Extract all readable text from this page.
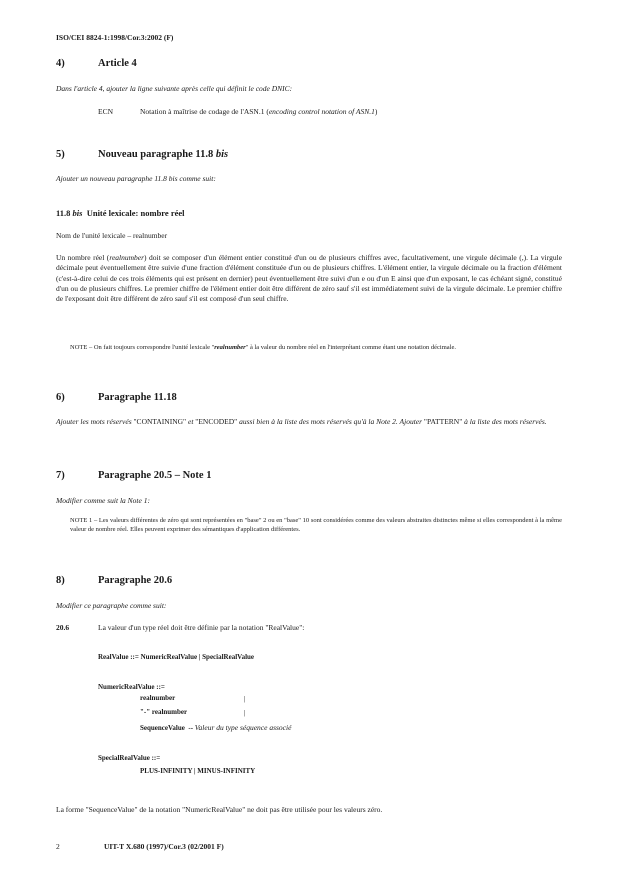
ISO/CEI 8824-1:1998/Cor.3:2002 (F)
4)	Article 4
Dans l'article 4, ajouter la ligne suivante après celle qui définit le code DNIC:
ECN	Notation à maîtrise de codage de l'ASN.1 (encoding control notation of ASN.1)
5)	Nouveau paragraphe 11.8 bis
Ajouter un nouveau paragraphe 11.8 bis comme suit:
11.8 bis Unité lexicale: nombre réel
Nom de l'unité lexicale – realnumber
Un nombre réel (realnumber) doit se composer d'un élément entier constitué d'un ou de plusieurs chiffres avec, facultativement, une virgule décimale (,). La virgule décimale peut éventuellement être suivie d'une fraction d'élément constituée d'un ou de plusieurs chiffres. L'élément entier, la virgule décimale ou la fraction d'élément (c'est-à-dire celui de ces trois éléments qui est présent en dernier) peut éventuellement être suivi d'un e ou d'un E ainsi que d'un exposant, le cas échéant signé, constitué d'un ou de plusieurs chiffres. Le premier chiffre de l'élément entier doit être différent de zéro sauf s'il est immédiatement suivi de la virgule décimale. Le premier chiffre de l'exposant doit être différent de zéro sauf s'il est composé d'un seul chiffre.
NOTE – On fait toujours correspondre l'unité lexicale "realnumber" à la valeur du nombre réel en l'interprétant comme étant une notation décimale.
6)	Paragraphe 11.18
Ajouter les mots réservés "CONTAINING" et "ENCODED" aussi bien à la liste des mots réservés qu'à la Note 2. Ajouter "PATTERN" à la liste des mots réservés.
7)	Paragraphe 20.5 – Note 1
Modifier comme suit la Note 1:
NOTE 1 – Les valeurs différentes de zéro qui sont représentées en "base" 2 ou en "base" 10 sont considérées comme des valeurs abstraites distinctes même si elles correspondent à la même valeur de nombre réel. Elles peuvent exprimer des sémantiques d'application différentes.
8)	Paragraphe 20.6
Modifier ce paragraphe comme suit:
20.6	La valeur d'un type réel doit être définie par la notation "RealValue":
RealValue ::= NumericRealValue | SpecialRealValue
NumericRealValue ::=
realnumber	|
"-" realnumber	|
SequenceValue -- Valeur du type séquence associé
SpecialRealValue ::=
PLUS-INFINITY | MINUS-INFINITY
La forme "SequenceValue" de la notation "NumericRealValue" ne doit pas être utilisée pour les valeurs zéro.
2	UIT-T X.680 (1997)/Cor.3 (02/2001 F)
